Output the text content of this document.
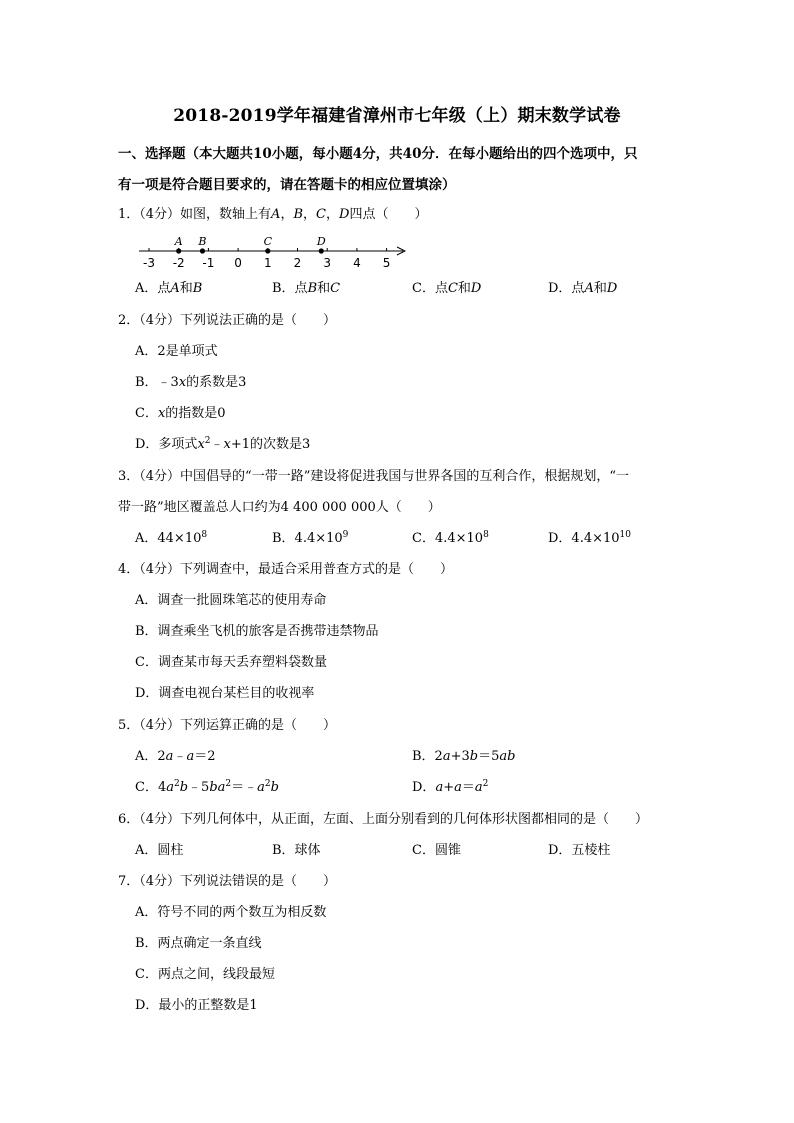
2018-2019学年福建省漳州市七年级（上）期末数学试卷
一、选择题（本大题共10小题，每小题4分，共40分．在每小题给出的四个选项中，只
有一项是符合题目要求的，请在答题卡的相应位置填涂）
1．（4分）如图，数轴上有A，B，C，D四点（　　）
-3 -2 -1 0 1 2 3 4 5
A B	C	D
A．点A和B	B．点B和C	C．点C和D	D．点A和D
2．（4分）下列说法正确的是（　　）
A．2是单项式
B．﹣3x的系数是3
C．x的指数是0
D．多项式$x^2﹣x+1$的次数是3
3．（4分）中国倡导的“一带一路”建设将促进我国与世界各国的互利合作，根据规划，“一
带一路”地区覆盖总人口约为4 400 000 000人（　　）
A．$44\times 10^8$	B．$4.4\times 10^9$	C．$4.4\times 10^8$	D．$4.4\times 10^{10}$
4．（4分）下列调查中，最适合采用普查方式的是（　　）
A．调查一批圆珠笔芯的使用寿命
B．调查乘坐飞机的旅客是否携带违禁物品
C．调查某市每天丢弃塑料袋数量
D．调查电视台某栏目的收视率
5．（4分）下列运算正确的是（　　）
A．2a﹣a＝2	B．2a+3b＝5ab
C．$4a^2b﹣5ba^2=﹣a^2b$	D．$a+a=a^2$
6．（4分）下列几何体中，从正面，左面、上面分别看到的几何体形状图都相同的是（　　）
A．圆柱	B．球体	C．圆锥	D．五棱柱
7．（4分）下列说法错误的是（　　）
A．符号不同的两个数互为相反数
B．两点确定一条直线
C．两点之间，线段最短
D．最小的正整数是1
